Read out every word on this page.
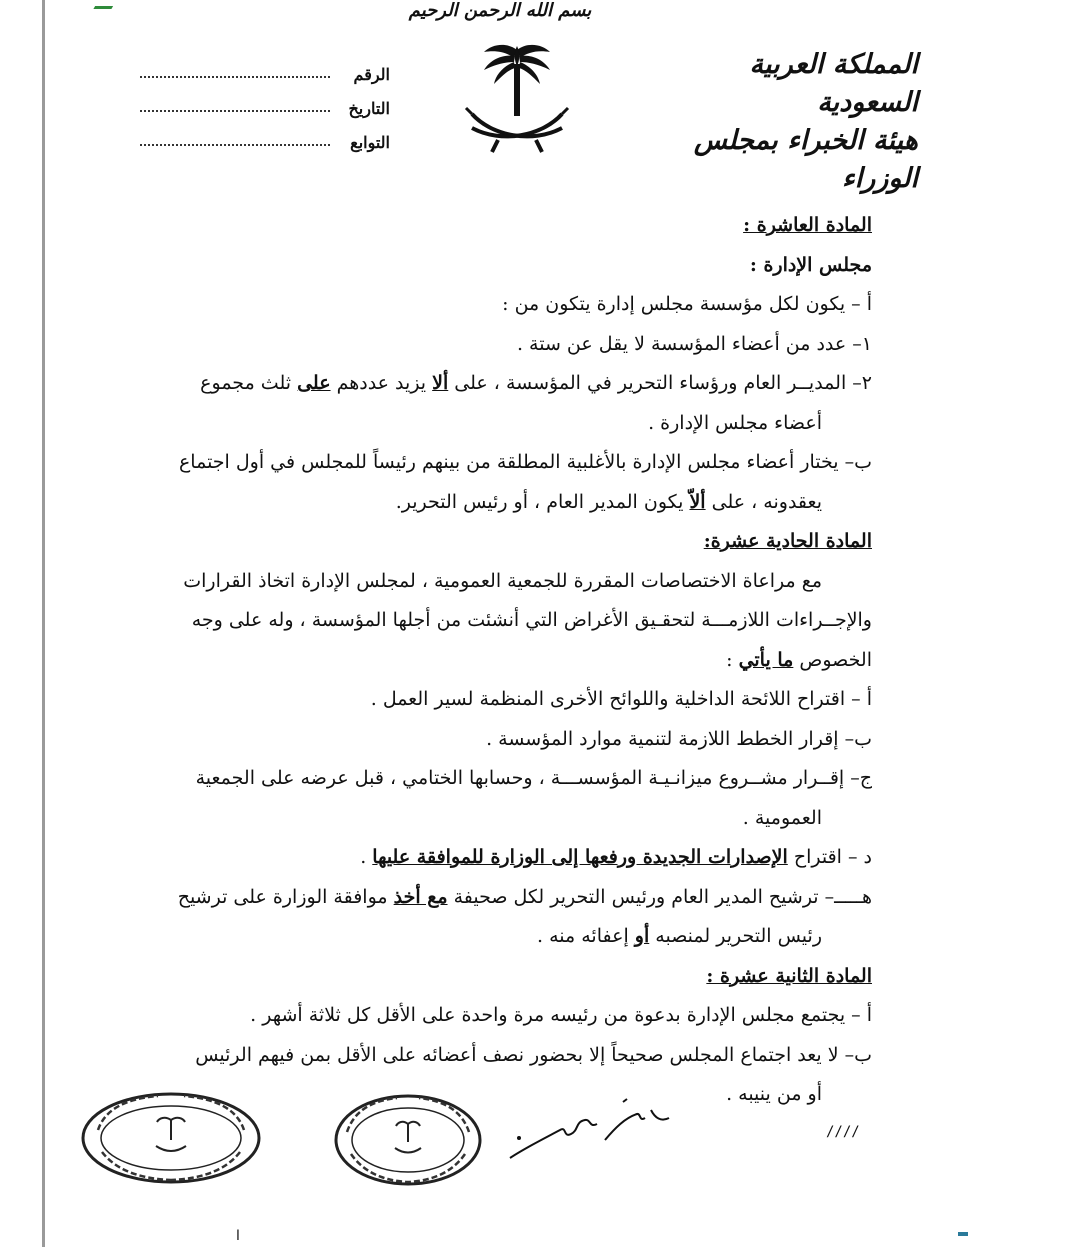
بسم الله الرحمن الرحيم
المملكة العربية السعودية
هيئة الخبراء بمجلس الوزراء
الرقم
التاريخ
التوابع
المادة العاشرة :
مجلس الإدارة :
أ – يكون لكل مؤسسة مجلس إدارة يتكون من :
١– عدد من أعضاء المؤسسة لا يقل عن ستة .
٢– المديــر العام ورؤساء التحرير في المؤسسة ، على ألا يزيد عددهم على ثلث مجموع
أعضاء مجلس الإدارة .
ب– يختار أعضاء مجلس الإدارة بالأغلبية المطلقة من بينهم رئيساً للمجلس في أول اجتماع
يعقدونه ، على ألاّ يكون المدير العام ، أو رئيس التحرير.
المادة الحادية عشرة:
مع مراعاة الاختصاصات المقررة للجمعية العمومية ، لمجلس الإدارة اتخاذ القرارات
والإجــراءات اللازمـــة لتحقـيق الأغراض التي أنشئت من أجلها المؤسسة ، وله على وجه
الخصوص ما يأتي :
أ – اقتراح اللائحة الداخلية واللوائح الأخرى المنظمة لسير العمل .
ب– إقرار الخطط اللازمة لتنمية موارد المؤسسة .
ج– إقــرار مشــروع ميزانـيـة المؤسســـة ، وحسابها الختامي ، قبل عرضه على الجمعية
العمومية .
د – اقتراح الإصدارات الجديدة ورفعها إلى الوزارة للموافقة عليها .
هـــــ– ترشيح المدير العام ورئيس التحرير لكل صحيفة مع أخذ موافقة الوزارة على ترشيح
رئيس التحرير لمنصبه أو إعفائه منه .
المادة الثانية عشرة :
أ – يجتمع مجلس الإدارة بدعوة من رئيسه مرة واحدة على الأقل كل ثلاثة أشهر .
ب– لا يعد اجتماع المجلس صحيحاً إلا بحضور نصف أعضائه على الأقل بمن فيهم الرئيس
أو من ينيبه .
////
ا
